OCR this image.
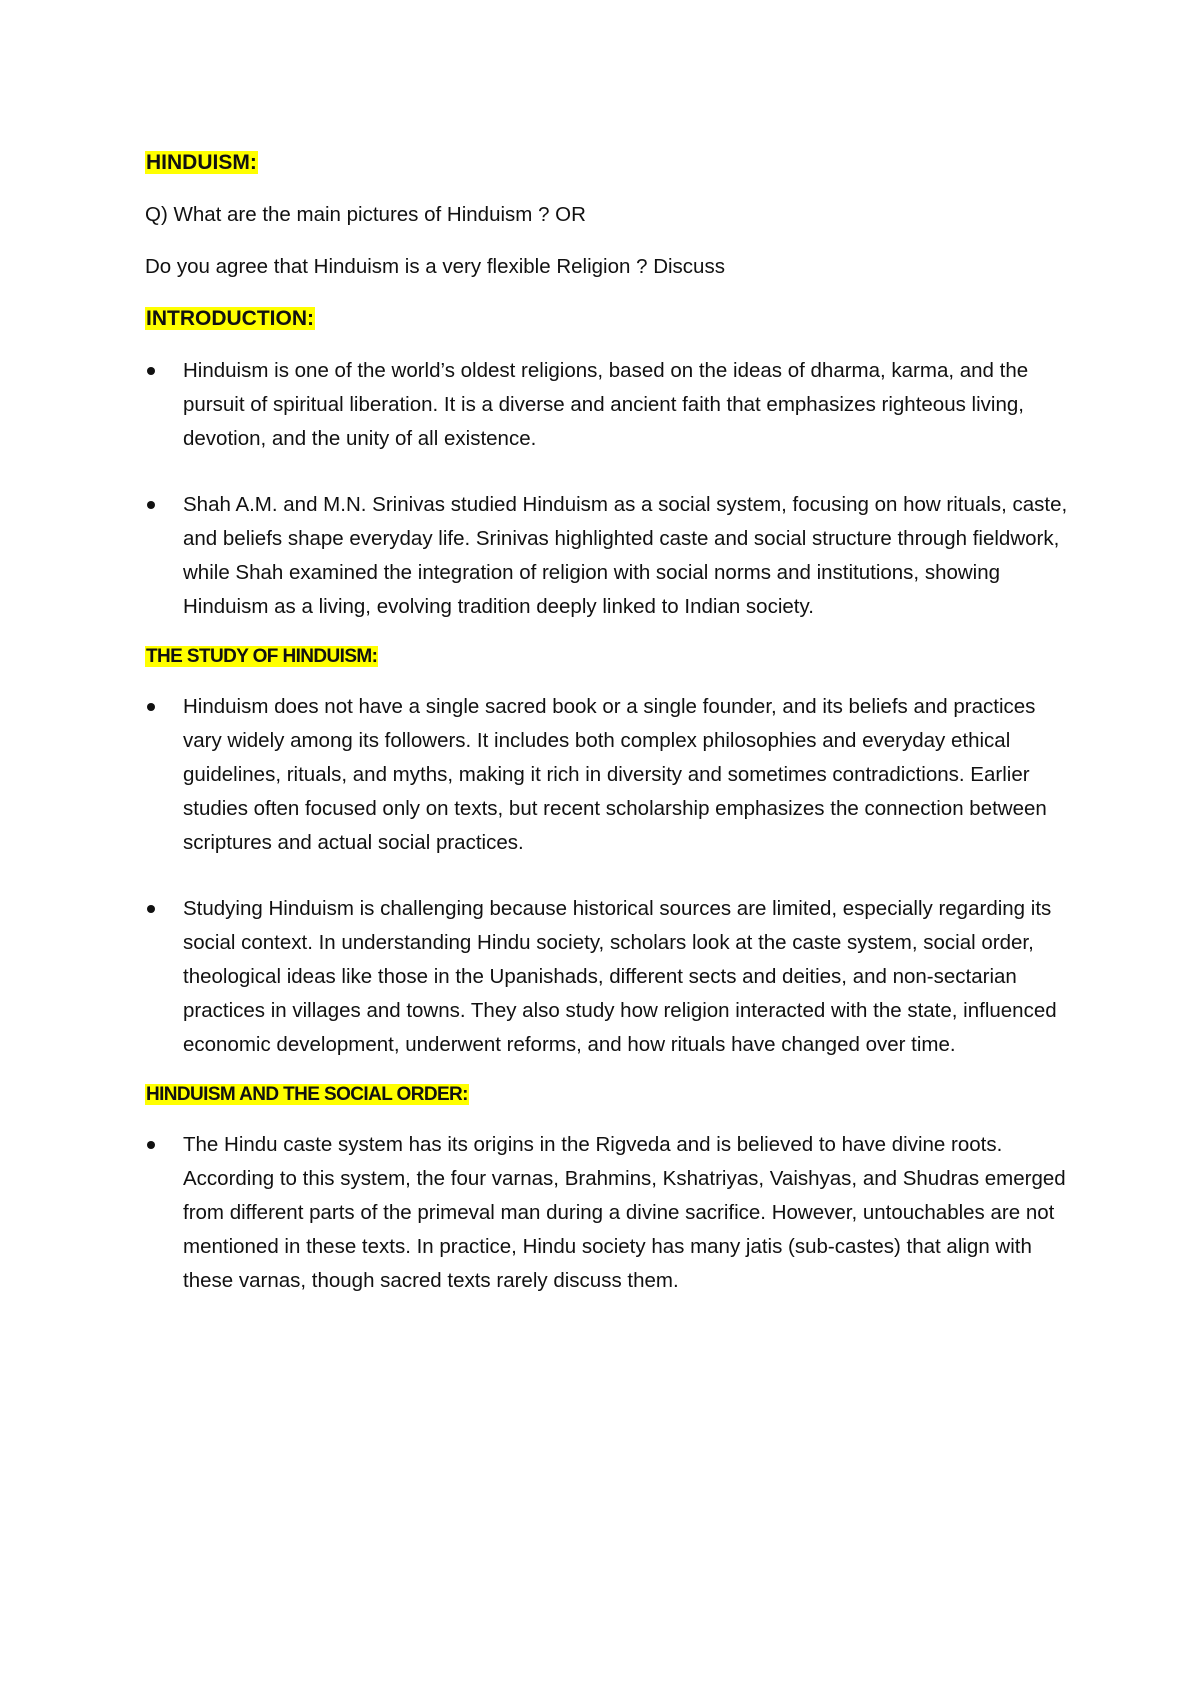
HINDUISM:
Q) What are the main pictures of Hinduism ? OR
Do you agree that Hinduism is a very flexible Religion ? Discuss
INTRODUCTION:
Hinduism is one of the world’s oldest religions, based on the ideas of dharma, karma, and the pursuit of spiritual liberation. It is a diverse and ancient faith that emphasizes righteous living, devotion, and the unity of all existence.
Shah A.M. and M.N. Srinivas studied Hinduism as a social system, focusing on how rituals, caste, and beliefs shape everyday life. Srinivas highlighted caste and social structure through fieldwork, while Shah examined the integration of religion with social norms and institutions, showing Hinduism as a living, evolving tradition deeply linked to Indian society.
THE STUDY OF HINDUISM:
Hinduism does not have a single sacred book or a single founder, and its beliefs and practices vary widely among its followers. It includes both complex philosophies and everyday ethical guidelines, rituals, and myths, making it rich in diversity and sometimes contradictions. Earlier studies often focused only on texts, but recent scholarship emphasizes the connection between scriptures and actual social practices.
Studying Hinduism is challenging because historical sources are limited, especially regarding its social context. In understanding Hindu society, scholars look at the caste system, social order, theological ideas like those in the Upanishads, different sects and deities, and non-sectarian practices in villages and towns. They also study how religion interacted with the state, influenced economic development, underwent reforms, and how rituals have changed over time.
HINDUISM AND THE SOCIAL ORDER:
The Hindu caste system has its origins in the Rigveda and is believed to have divine roots. According to this system, the four varnas, Brahmins, Kshatriyas, Vaishyas, and Shudras emerged from different parts of the primeval man during a divine sacrifice. However, untouchables are not mentioned in these texts. In practice, Hindu society has many jatis (sub-castes) that align with these varnas, though sacred texts rarely discuss them.
